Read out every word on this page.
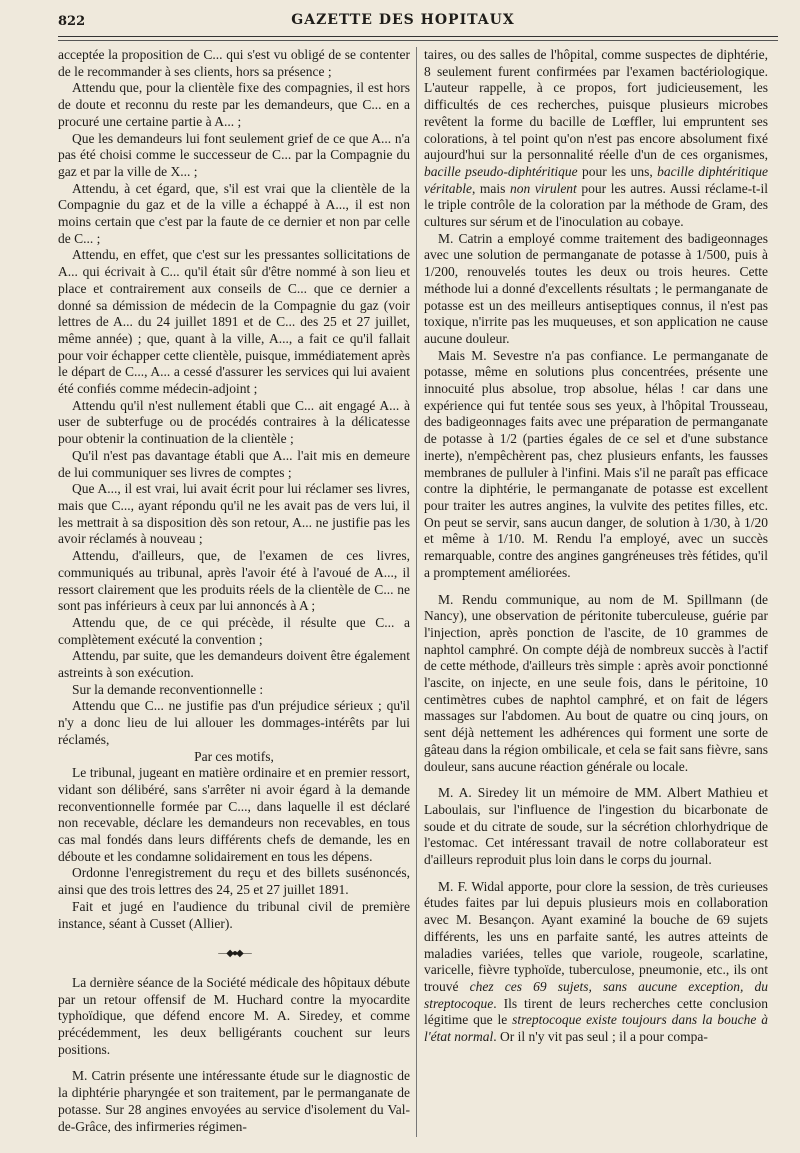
822	GAZETTE DES HOPITAUX

acceptée la proposition de C... qui s'est vu obligé de se contenter de le recommander à ses clients, hors sa présence ;

Attendu que, pour la clientèle fixe des compagnies, il est hors de doute et reconnu du reste par les demandeurs, que C... en a procuré une certaine partie à A... ;

Que les demandeurs lui font seulement grief de ce que A... n'a pas été choisi comme le successeur de C... par la Compagnie du gaz et par la ville de X... ;

Attendu, à cet égard, que, s'il est vrai que la clientèle de la Compagnie du gaz et de la ville a échappé à A..., il est non moins certain que c'est par la faute de ce dernier et non par celle de C... ;

Attendu, en effet, que c'est sur les pressantes sollicitations de A... qui écrivait à C... qu'il était sûr d'être nommé à son lieu et place et contrairement aux conseils de C... que ce dernier a donné sa démission de médecin de la Compagnie du gaz (voir lettres de A... du 24 juillet 1891 et de C... des 25 et 27 juillet, même année) ; que, quant à la ville, A..., a fait ce qu'il fallait pour voir échapper cette clientèle, puisque, immédiatement après le départ de C..., A... a cessé d'assurer les services qui lui avaient été confiés comme médecin-adjoint ;

Attendu qu'il n'est nullement établi que C... ait engagé A... à user de subterfuge ou de procédés contraires à la délicatesse pour obtenir la continuation de la clientèle ;

Qu'il n'est pas davantage établi que A... l'ait mis en demeure de lui communiquer ses livres de comptes ;

Que A..., il est vrai, lui avait écrit pour lui réclamer ses livres, mais que C..., ayant répondu qu'il ne les avait pas de vers lui, il les mettrait à sa disposition dès son retour, A... ne justifie pas les avoir réclamés à nouveau ;

Attendu, d'ailleurs, que, de l'examen de ces livres, communiqués au tribunal, après l'avoir été à l'avoué de A..., il ressort clairement que les produits réels de la clientèle de C... ne sont pas inférieurs à ceux par lui annoncés à A ;

Attendu que, de ce qui précède, il résulte que C... a complètement exécuté la convention ;

Attendu, par suite, que les demandeurs doivent être également astreints à son exécution.

Sur la demande reconventionnelle :

Attendu que C... ne justifie pas d'un préjudice sérieux ; qu'il n'y a donc lieu de lui allouer les dommages-intérêts par lui réclamés,

Par ces motifs,

Le tribunal, jugeant en matière ordinaire et en premier ressort, vidant son délibéré, sans s'arrêter ni avoir égard à la demande reconventionnelle formée par C..., dans laquelle il est déclaré non recevable, déclare les demandeurs non recevables, en tous cas mal fondés dans leurs différents chefs de demande, les en déboute et les condamne solidairement en tous les dépens.

Ordonne l'enregistrement du reçu et des billets susénoncés, ainsi que des trois lettres des 24, 25 et 27 juillet 1891.

Fait et jugé en l'audience du tribunal civil de première instance, séant à Cusset (Allier).

—◆●◆—

La dernière séance de la Société médicale des hôpitaux débute par un retour offensif de M. Huchard contre la myocardite typhoïdique, que défend encore M. A. Siredey, et comme précédemment, les deux belligérants couchent sur leurs positions.

M. Catrin présente une intéressante étude sur le diagnostic de la diphtérie pharyngée et son traitement, par le permanganate de potasse. Sur 28 angines envoyées au service d'isolement du Val-de-Grâce, des infirmeries régimen-

taires, ou des salles de l'hôpital, comme suspectes de diphtérie, 8 seulement furent confirmées par l'examen bactériologique. L'auteur rappelle, à ce propos, fort judicieusement, les difficultés de ces recherches, puisque plusieurs microbes revêtent la forme du bacille de Lœffler, lui empruntent ses colorations, à tel point qu'on n'est pas encore absolument fixé aujourd'hui sur la personnalité réelle d'un de ces organismes, bacille pseudo-diphtéritique pour les uns, bacille diphtéritique véritable, mais non virulent pour les autres. Aussi réclame-t-il le triple contrôle de la coloration par la méthode de Gram, des cultures sur sérum et de l'inoculation au cobaye.

M. Catrin a employé comme traitement des badigeonnages avec une solution de permanganate de potasse à 1/500, puis à 1/200, renouvelés toutes les deux ou trois heures. Cette méthode lui a donné d'excellents résultats ; le permanganate de potasse est un des meilleurs antiseptiques connus, il n'est pas toxique, n'irrite pas les muqueuses, et son application ne cause aucune douleur.

Mais M. Sevestre n'a pas confiance. Le permanganate de potasse, même en solutions plus concentrées, présente une innocuité plus absolue, trop absolue, hélas ! car dans une expérience qui fut tentée sous ses yeux, à l'hôpital Trousseau, des badigeonnages faits avec une préparation de permanganate de potasse à 1/2 (parties égales de ce sel et d'une substance inerte), n'empêchèrent pas, chez plusieurs enfants, les fausses membranes de pulluler à l'infini. Mais s'il ne paraît pas efficace contre la diphtérie, le permanganate de potasse est excellent pour traiter les autres angines, la vulvite des petites filles, etc. On peut se servir, sans aucun danger, de solution à 1/30, à 1/20 et même à 1/10. M. Rendu l'a employé, avec un succès remarquable, contre des angines gangréneuses très fétides, qu'il a promptement améliorées.

M. Rendu communique, au nom de M. Spillmann (de Nancy), une observation de péritonite tuberculeuse, guérie par l'injection, après ponction de l'ascite, de 10 grammes de naphtol camphré. On compte déjà de nombreux succès à l'actif de cette méthode, d'ailleurs très simple : après avoir ponctionné l'ascite, on injecte, en une seule fois, dans le péritoine, 10 centimètres cubes de naphtol camphré, et on fait de légers massages sur l'abdomen. Au bout de quatre ou cinq jours, on sent déjà nettement les adhérences qui forment une sorte de gâteau dans la région ombilicale, et cela se fait sans fièvre, sans douleur, sans aucune réaction générale ou locale.

M. A. Siredey lit un mémoire de MM. Albert Mathieu et Laboulais, sur l'influence de l'ingestion du bicarbonate de soude et du citrate de soude, sur la sécrétion chlorhydrique de l'estomac. Cet intéressant travail de notre collaborateur est d'ailleurs reproduit plus loin dans le corps du journal.

M. F. Widal apporte, pour clore la session, de très curieuses études faites par lui depuis plusieurs mois en collaboration avec M. Besançon. Ayant examiné la bouche de 69 sujets différents, les uns en parfaite santé, les autres atteints de maladies variées, telles que variole, rougeole, scarlatine, varicelle, fièvre typhoïde, tuberculose, pneumonie, etc., ils ont trouvé chez ces 69 sujets, sans aucune exception, du streptocoque. Ils tirent de leurs recherches cette conclusion légitime que le streptocoque existe toujours dans la bouche à l'état normal. Or il n'y vit pas seul ; il a pour compa-
